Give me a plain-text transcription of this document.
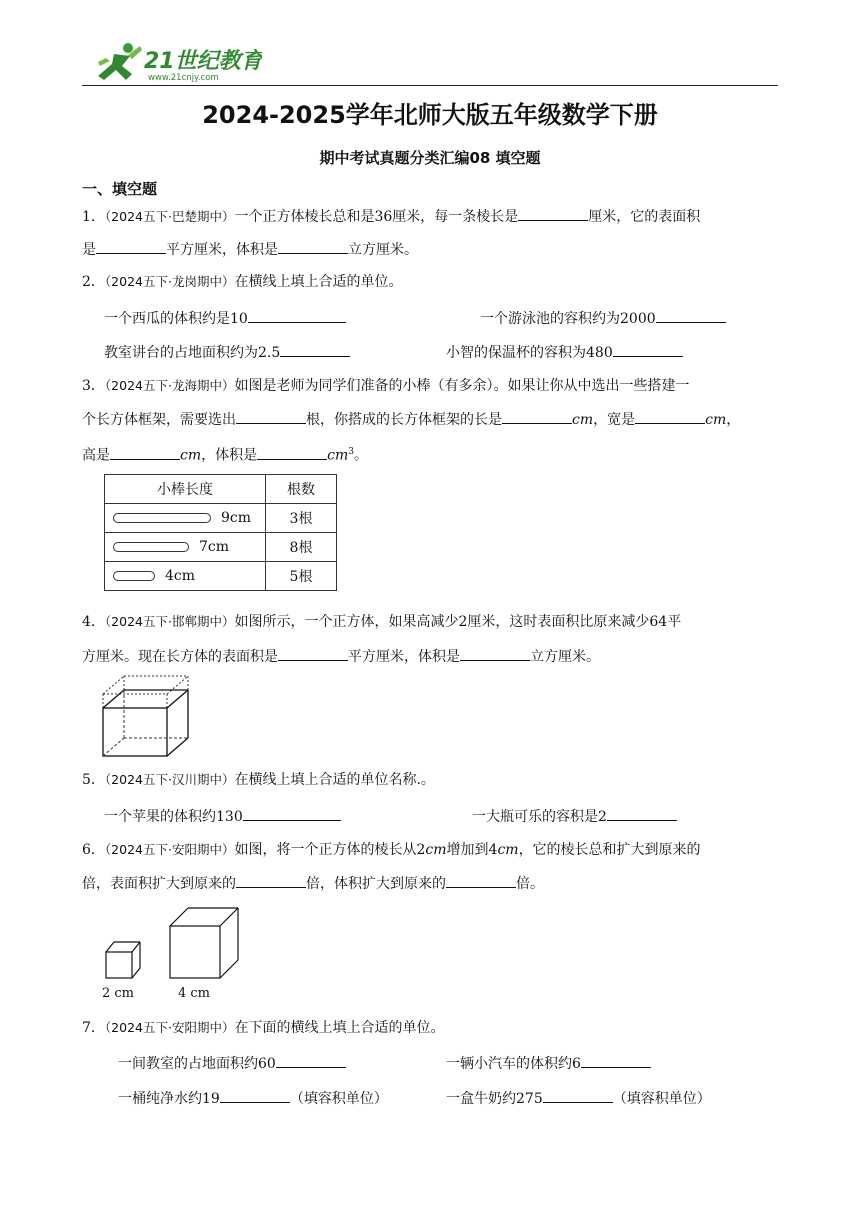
21世纪教育
www.21cnjy.com
2024-2025学年北师大版五年级数学下册
期中考试真题分类汇编08 填空题
一、填空题
1．（2024五下·巴楚期中）一个正方体棱长总和是36厘米，每一条棱长是	厘米，它的表面积
是	平方厘米，体积是	立方厘米。
2．（2024五下·龙岗期中）在横线上填上合适的单位。
一个西瓜的体积约是10	一个游泳池的容积约为2000
教室讲台的占地面积约为2.5	小智的保温杯的容积为480
3．（2024五下·龙海期中）如图是老师为同学们准备的小棒（有多余）。如果让你从中选出一些搭建一
个长方体框架，需要选出	根，你搭成的长方体框架的长是	cm，宽是	cm，
高是	cm，体积是	$cm^3$。
小棒长度	根数
9cm	3根
7cm	8根
4cm	5根
4．（2024五下·邯郸期中）如图所示，一个正方体，如果高减少2厘米，这时表面积比原来减少64平
方厘米。现在长方体的表面积是	平方厘米，体积是	立方厘米。
5．（2024五下·汉川期中）在横线上填上合适的单位名称.。
一个苹果的体积约130	一大瓶可乐的容积是2
6．（2024五下·安阳期中）如图，将一个正方体的棱长从2cm增加到4cm，它的棱长总和扩大到原来的
倍，表面积扩大到原来的	倍，体积扩大到原来的	倍。
2 cm	4 cm
7．（2024五下·安阳期中）在下面的横线上填上合适的单位。
一间教室的占地面积约60	一辆小汽车的体积约6
一桶纯净水约19	（填容积单位）	一盒牛奶约275	（填容积单位）
